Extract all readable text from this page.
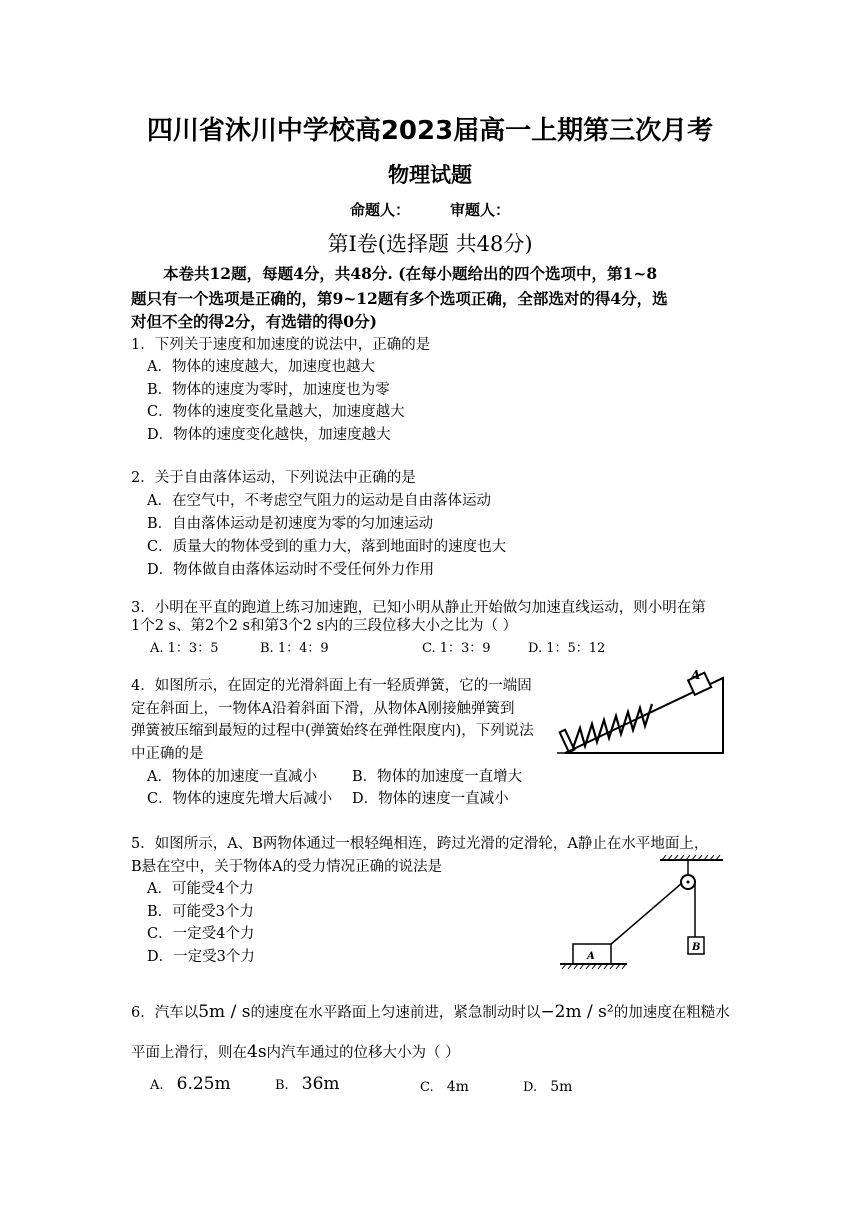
四川省沐川中学校高2023届高一上期第三次月考
物理试题
命题人：	审题人：
第Ⅰ卷(选择题 共48分)
本卷共12题，每题4分，共48分. (在每小题给出的四个选项中，第1~8
题只有一个选项是正确的，第9~12题有多个选项正确，全部选对的得4分，选
对但不全的得2分，有选错的得0分)
1．下列关于速度和加速度的说法中，正确的是
A．物体的速度越大，加速度也越大
B．物体的速度为零时，加速度也为零
C．物体的速度变化量越大，加速度越大
D．物体的速度变化越快，加速度越大
2．关于自由落体运动，下列说法中正确的是
A．在空气中，不考虑空气阻力的运动是自由落体运动
B．自由落体运动是初速度为零的匀加速运动
C．质量大的物体受到的重力大，落到地面时的速度也大
D．物体做自由落体运动时不受任何外力作用
3．小明在平直的跑道上练习加速跑，已知小明从静止开始做匀加速直线运动，则小明在第
1个2 s、第2个2 s和第3个2 s内的三段位移大小之比为（ ）
A. 1：3：5	B. 1：4：9	C. 1：3：9	D. 1：5：12
4．如图所示，在固定的光滑斜面上有一轻质弹簧，它的一端固
定在斜面上，一物体A沿着斜面下滑，从物体A刚接触弹簧到
弹簧被压缩到最短的过程中(弹簧始终在弹性限度内)，下列说法
中正确的是
A．物体的加速度一直减小 B．物体的加速度一直增大
C．物体的速度先增大后减小 D．物体的速度一直减小
A
5．如图所示，A、B两物体通过一根轻绳相连，跨过光滑的定滑轮，A静止在水平地面上，
B悬在空中，关于物体A的受力情况正确的说法是
A．可能受4个力
B．可能受3个力
C．一定受4个力
D．一定受3个力
B
A
6．汽车以5m / s的速度在水平路面上匀速前进，紧急制动时以−2m / s²的加速度在粗糙水
平面上滑行，则在4s内汽车通过的位移大小为（ ）
A. 6.25m	B. 36m	C. 4m	D. 5m
